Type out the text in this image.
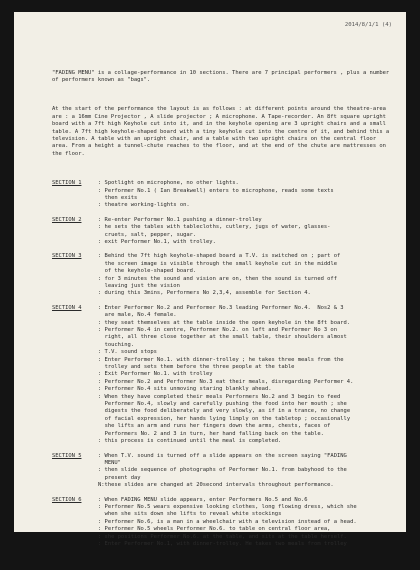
2014/8/1/1 (4)

"FADING MENU" is a collage-performance in 10 sections. There are 7 principal performers , plus a number of performers known as "bags".

At the start of the performance the layout is as follows : at different points around the theatre-area are : a 16mm Cine Projector , A slide projector ; A microphone. A Tape-recorder. An 8ft square upright board with a 7ft high Keyhole cut into it, and in the keyhole opening are 3 upright chairs and a small table. A 7ft high keyhole-shaped board with a tiny keyhole cut into the centre of it, and behind this a television. A table with an upright chair, and a table with two upright chairs on the central floor area. From a height a tunnel-chute reaches to the floor, and at the end of the chute are mattresses on the floor.

SECTION 1	: Spotlight on microphone, no other lights.
: Performer No.1 ( Ian Breakwell) enters to microphone, reads some texts
then exits
: theatre working-lights on.
SECTION 2	: Re-enter Performer No.1 pushing a dinner-trolley
: he sets the tables with tablecloths, cutlery, jugs of water, glasses-
cruets, salt, pepper, sugar.
: exit Performer No.1, with trolley.
SECTION 3	: Behind the 7ft high keyhole-shaped board a T.V. is switched on ; part of
the screen image is visible through the small keyhole cut in the middle
of the keyhole-shaped board.
: for 3 minutes the sound and vision are on, then the sound is turned off
leaving just the vision
: during this 3mins, Performers No 2,3,4, assemble for Section 4.
SECTION 4	: Enter Performer No.2 and Performer No.3 leading Performer No.4.  Nos2 & 3
are male, No.4 female.
: they seat themselves at the table inside the open keyhole in the 8ft board.
: Performer No.4 in centre, Performer No.2. on left and Performer No 3 on
right, all three close together at the small table, their shoulders almost
touching.
: T.V. sound stops
: Enter Performer No.1. with dinner-trolley ; he takes three meals from the
trolley and sets them before the three people at the table
: Exit Performer No.1. with trolley
: Performer No.2 and Performer No.3 eat their meals, disregarding Performer 4.
: Performer No.4 sits unmoving staring blankly ahead.
: When they have completed their meals Performers No.2 and 3 begin to feed
Performer No.4, slowly and carefully pushing the food into her mouth ; she
digests the food deliberately and very slowly, as if in a trance, no change
of facial expression, her hands lying limply on the tabletop ; occasionally
she lifts an arm and runs her fingers down the arms, chests, faces of
Performers No. 2 and 3 in turn, her hand falling back on the table.
: this process is continued until the meal is completed.
SECTION 5	: When T.V. sound is turned off a slide appears on the screen saying "FADING
MENU"
: then slide sequence of photographs of Performer No.1. from babyhood to the
present day
N:these slides are changed at 20second intervals throughout performance.
SECTION 6	: When FADING MENU slide appears, enter Performers No.5 and No.6
: Performer No.5 wears expensive looking clothes, long flowing dress, which she
when she sits down she lifts to reveal white stockings
: Performer No.6, is a man in a wheelchair with a television instead of a head.
: Performer No.5 wheels Performer No.6. to table on central floor area,
: she positions Performer No.6. at the table, and sits at the table herself.
: Enter Performer No.1, with dinner-trolley. He takes two meals from trolley
